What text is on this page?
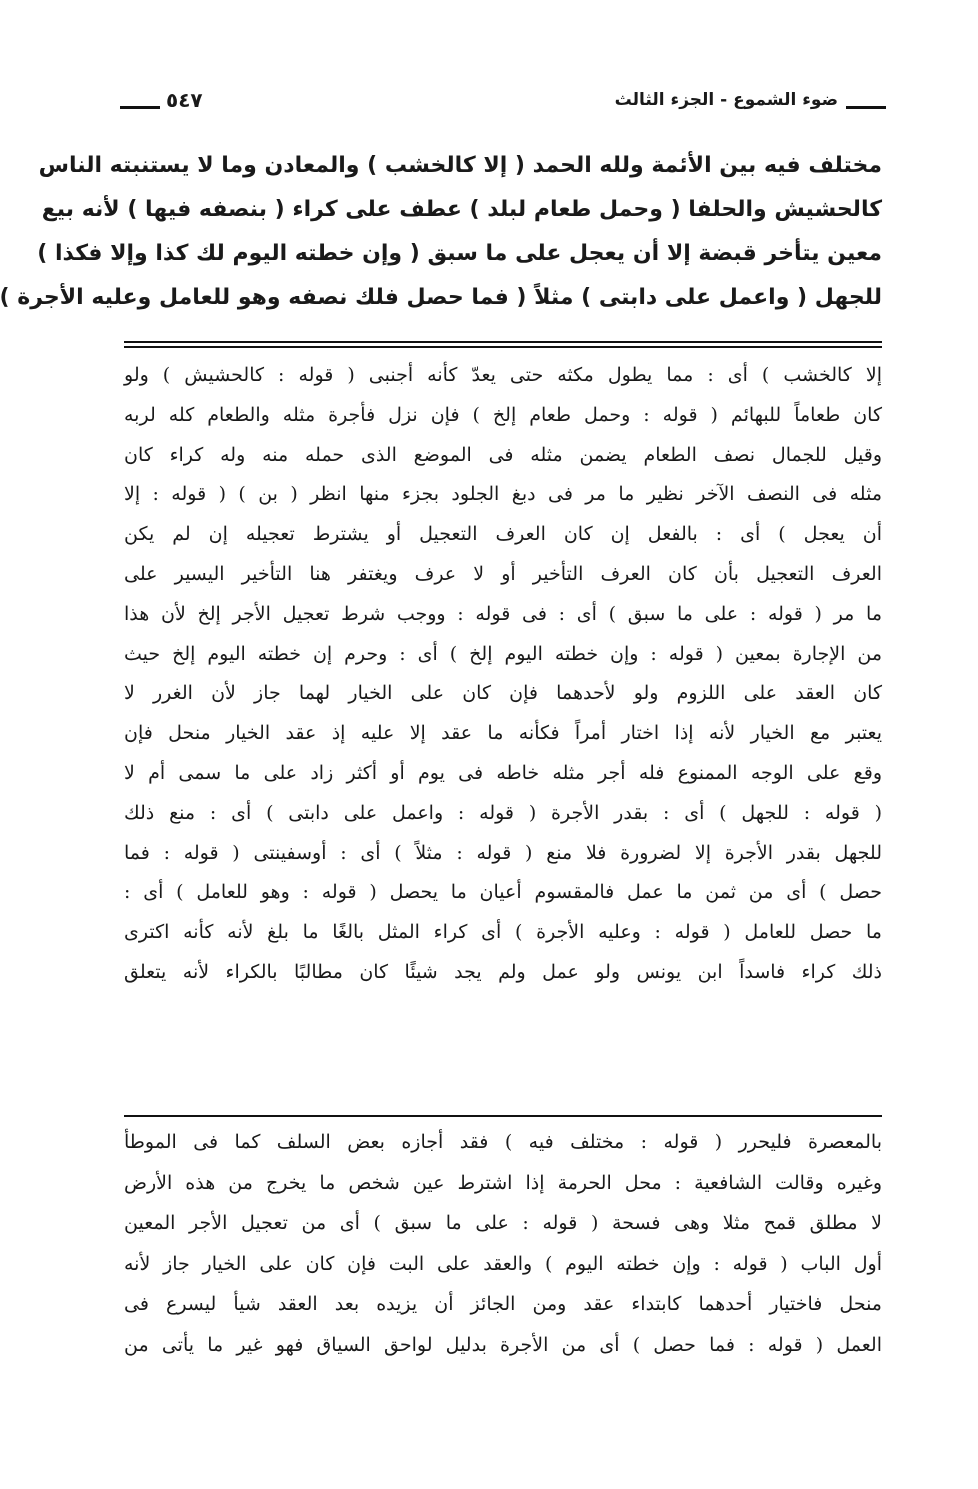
ضوء الشموع - الجزء الثالث
٥٤٧
مختلف فيه بين الأئمة ولله الحمد ( إلا كالخشب ) والمعادن وما لا يستنبته الناس
كالحشيش والحلفا ( وحمل طعام لبلد ) عطف على كراء ( بنصفه فيها ) لأنه بيع
معين يتأخر قبضة إلا أن يعجل على ما سبق ( وإن خطته اليوم لك كذا وإلا فكذا )
للجهل ( واعمل على دابتى ) مثلاً ( فما حصل فلك نصفه وهو للعامل وعليه الأجرة )
إلا كالخشب ) أى : مما يطول مكثه حتى يعدّ كأنه أجنبى ( قوله : كالحشيش ) ولو
كان طعاماً للبهائم ( قوله : وحمل طعام إلخ ) فإن نزل فأجرة مثله والطعام كله لربه
وقيل للجمال نصف الطعام يضمن مثله فى الموضع الذى حمله منه وله كراء كان
مثله فى النصف الآخر نظير ما مر فى دبغ الجلود بجزء منها انظر ( بن ) ( قوله : إلا
أن يعجل ) أى : بالفعل إن كان العرف التعجيل أو يشترط تعجيله إن لم يكن
العرف التعجيل بأن كان العرف التأخير أو لا عرف ويغتفر هنا التأخير اليسير على
ما مر ( قوله : على ما سبق ) أى : فى قوله : ووجب شرط تعجيل الأجر إلخ لأن هذا
من الإجارة بمعين ( قوله : وإن خطته اليوم إلخ ) أى : وحرم إن خطته اليوم إلخ حيث
كان العقد على اللزوم ولو لأحدهما فإن كان على الخيار لهما جاز لأن الغرر لا
يعتبر مع الخيار لأنه إذا اختار أمراً فكأنه ما عقد إلا عليه إذ عقد الخيار منحل فإن
وقع على الوجه الممنوع فله أجر مثله خاطه فى يوم أو أكثر زاد على ما سمى أم لا
( قوله : للجهل ) أى : بقدر الأجرة ( قوله : واعمل على دابتى ) أى : منع ذلك
للجهل بقدر الأجرة إلا لضرورة فلا منع ( قوله : مثلاً ) أى : أوسفينتى ( قوله : فما
حصل ) أى من ثمن ما عمل فالمقسوم أعيان ما يحصل ( قوله : وهو للعامل ) أى :
ما حصل للعامل ( قوله : وعليه الأجرة ) أى كراء المثل بالغًا ما بلغ لأنه كأنه اكترى
ذلك كراء فاسداً ابن يونس ولو عمل ولم يجد شيئًا كان مطالبًا بالكراء لأنه يتعلق
بالمعصرة فليحرر ( قوله : مختلف فيه ) فقد أجازه بعض السلف كما فى الموطأ
وغيره وقالت الشافعية : محل الحرمة إذا اشترط عين شخص ما يخرج من هذه الأرض
لا مطلق قمح مثلا وهى فسحة ( قوله : على ما سبق ) أى من تعجيل الأجر المعين
أول الباب ( قوله : وإن خطته اليوم ) والعقد على البت فإن كان على الخيار جاز لأنه
منحل فاختيار أحدهما كابتداء عقد ومن الجائز أن يزيده بعد العقد شيأ ليسرع فى
العمل ( قوله : فما حصل ) أى من الأجرة بدليل لواحق السياق فهو غير ما يأتى من
